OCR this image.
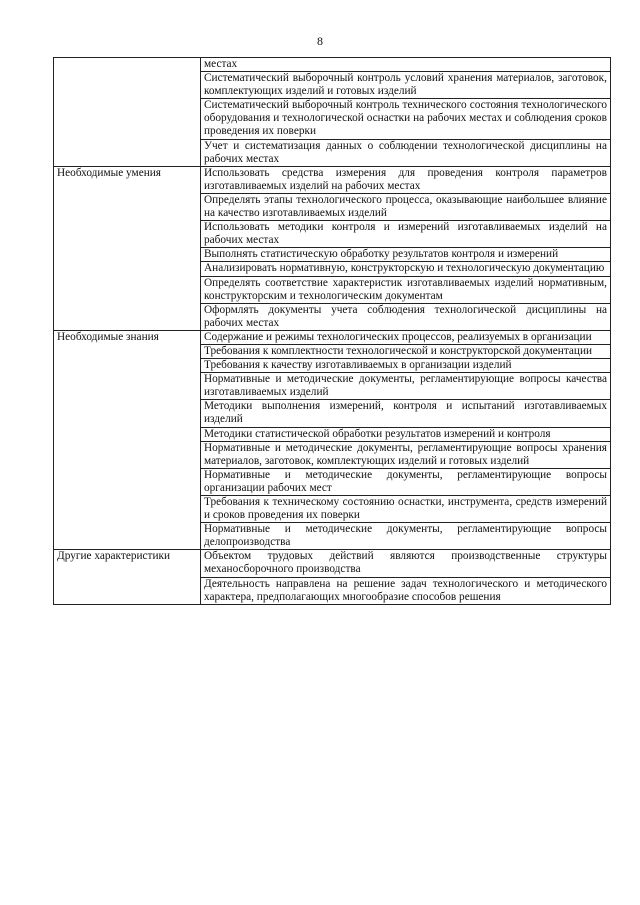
8
	местах
	Систематический выборочный контроль условий хранения материалов, заготовок, комплектующих изделий и готовых изделий
	Систематический выборочный контроль технического состояния технологического оборудования и технологической оснастки на рабочих местах и соблюдения сроков проведения их поверки
	Учет и систематизация данных о соблюдении технологической дисциплины на рабочих местах
Необходимые умения	Использовать средства измерения для проведения контроля параметров изготавливаемых изделий на рабочих местах
	Определять этапы технологического процесса, оказывающие наибольшее влияние на качество изготавливаемых изделий
	Использовать методики контроля и измерений изготавливаемых изделий на рабочих местах
	Выполнять статистическую обработку результатов контроля и измерений
	Анализировать нормативную, конструкторскую и технологическую документацию
	Определять соответствие характеристик изготавливаемых изделий нормативным, конструкторским и технологическим документам
	Оформлять документы учета соблюдения технологической дисциплины на рабочих местах
Необходимые знания	Содержание и режимы технологических процессов, реализуемых в организации
	Требования к комплектности технологической и конструкторской документации
	Требования к качеству изготавливаемых в организации изделий
	Нормативные и методические документы, регламентирующие вопросы качества изготавливаемых изделий
	Методики выполнения измерений, контроля и испытаний изготавливаемых изделий
	Методики статистической обработки результатов измерений и контроля
	Нормативные и методические документы, регламентирующие вопросы хранения материалов, заготовок, комплектующих изделий и готовых изделий
	Нормативные и методические документы, регламентирующие вопросы организации рабочих мест
	Требования к техническому состоянию оснастки, инструмента, средств измерений и сроков проведения их поверки
	Нормативные и методические документы, регламентирующие вопросы делопроизводства
Другие характеристики	Объектом трудовых действий являются производственные структуры механосборочного производства
	Деятельность направлена на решение задач технологического и методического характера, предполагающих многообразие способов решения
